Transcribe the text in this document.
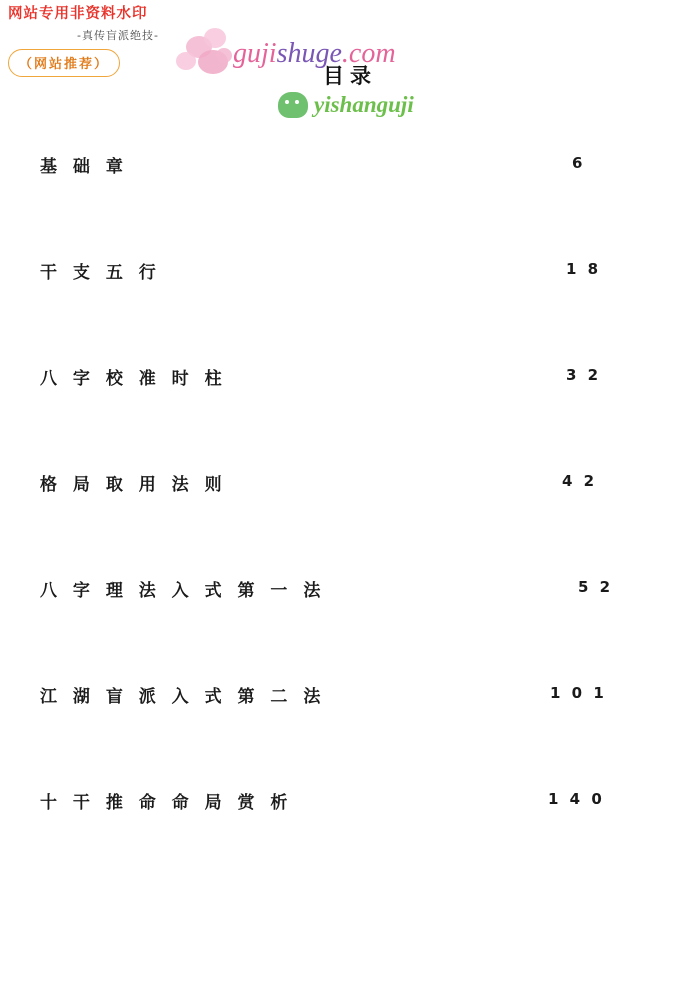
网站专用非资料水印
-真传盲派绝技-
（网站推荐）	gujishuge.com
yishanguji
目录
基 础 章	6
干 支 五 行	1 8
八 字 校 准 时 柱	3 2
格 局 取 用 法 则	4 2
八 字 理 法 入 式 第 一 法	5 2
江 湖 盲 派 入 式 第 二 法	1 0 1
十 干 推 命 命 局 赏 析	1 4 0
